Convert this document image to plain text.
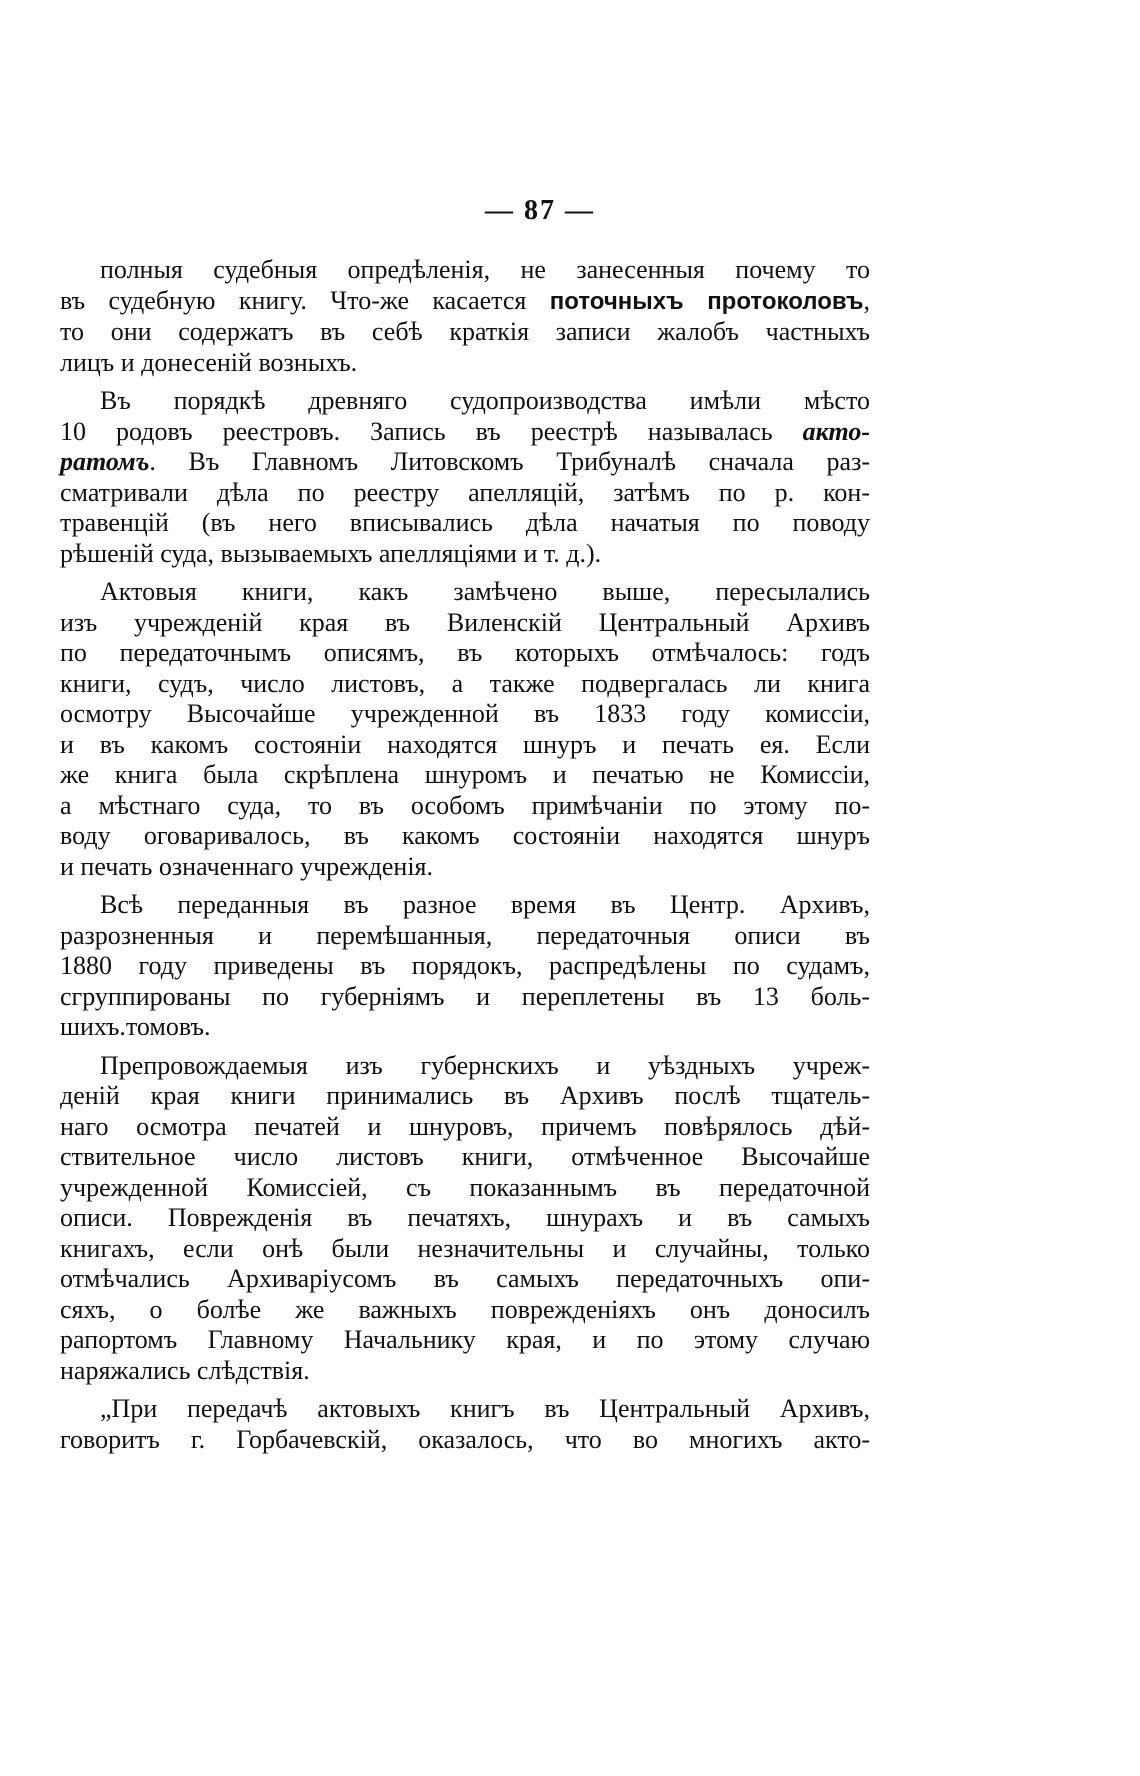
— 87 —

полныя судебныя опредѣленія, не занесенныя почему то
въ судебную книгу. Что-же касается поточныхъ протоколовъ,
то они содержатъ въ себѣ краткія записи жалобъ частныхъ
лицъ и донесеній возныхъ.

Въ порядкѣ древняго судопроизводства имѣли мѣсто
10 родовъ реестровъ. Запись въ реестрѣ называлась акто-
ратомъ. Въ Главномъ Литовскомъ Трибуналѣ сначала раз-
сматривали дѣла по реестру апелляцій, затѣмъ по р. кон-
травенцій (въ него вписывались дѣла начатыя по поводу
рѣшеній суда, вызываемыхъ апелляціями и т. д.).

Актовыя книги, какъ замѣчено выше, пересылались
изъ учрежденій края въ Виленскій Центральный Архивъ
по передаточнымъ описямъ, въ которыхъ отмѣчалось: годъ
книги, судъ, число листовъ, а также подвергалась ли книга
осмотру Высочайше учрежденной въ 1833 году комиссіи,
и въ какомъ состояніи находятся шнуръ и печать ея. Если
же книга была скрѣплена шнуромъ и печатью не Комиссіи,
а мѣстнаго суда, то въ особомъ примѣчаніи по этому по-
воду оговаривалось, въ какомъ состояніи находятся шнуръ
и печать означеннаго учрежденія.

Всѣ переданныя въ разное время въ Центр. Архивъ,
разрозненныя и перемѣшанныя, передаточныя описи въ
1880 году приведены въ порядокъ, распредѣлены по судамъ,
сгруппированы по губерніямъ и переплетены въ 13 боль-
шихъ.томовъ.

Препровождаемыя изъ губернскихъ и уѣздныхъ учреж-
деній края книги принимались въ Архивъ послѣ тщатель-
наго осмотра печатей и шнуровъ, причемъ повѣрялось дѣй-
ствительное число листовъ книги, отмѣченное Высочайше
учрежденной Комиссіей, съ показаннымъ въ передаточной
описи. Поврежденія въ печатяхъ, шнурахъ и въ самыхъ
книгахъ, если онѣ были незначительны и случайны, только
отмѣчались Архиваріусомъ въ самыхъ передаточныхъ опи-
сяхъ, о болѣе же важныхъ поврежденіяхъ онъ доносилъ
рапортомъ Главному Начальнику края, и по этому случаю
наряжались слѣдствія.

„При передачѣ актовыхъ книгъ въ Центральный Архивъ,
говоритъ г. Горбачевскій, оказалось, что во многихъ акто-
